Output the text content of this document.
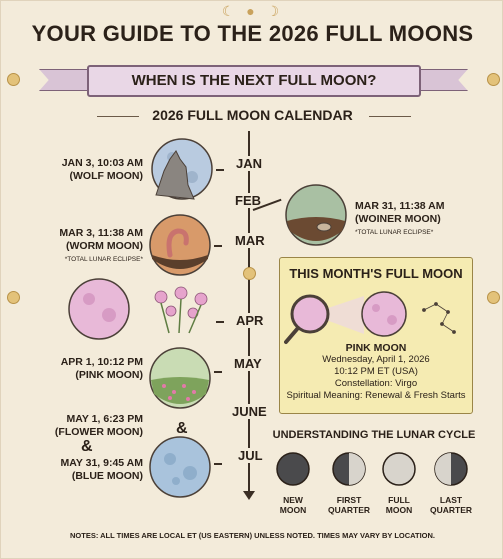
☾ ● ☽
YOUR GUIDE TO THE 2026 FULL MOONS
WHEN IS THE NEXT FULL MOON?
2026 FULL MOON CALENDAR
JAN
FEB
MAR
APR
MAY
JUNE
JUL
JAN 3, 10:03 AM
(WOLF MOON)
MAR 3, 11:38 AM
(WORM MOON)
*TOTAL LUNAR ECLIPSE*
MAR 31, 11:38 AM
(WOINER MOON)
*TOTAL LUNAR ECLIPSE*
APR 1, 10:12 PM
(PINK MOON)
MAY 1, 6:23 PM
(FLOWER MOON)
&
&
MAY 31, 9:45 AM
(BLUE MOON)
THIS MONTH'S FULL MOON
PINK MOON
Wednesday, April 1, 2026
10:12 PM ET (USA)
Constellation: Virgo
Spiritual Meaning: Renewal & Fresh Starts
UNDERSTANDING THE LUNAR CYCLE
NEW
MOON
FIRST
QUARTER
FULL
MOON
LAST
QUARTER
NOTES: ALL TIMES ARE LOCAL ET (US EASTERN) UNLESS NOTED. TIMES MAY VARY BY LOCATION.
